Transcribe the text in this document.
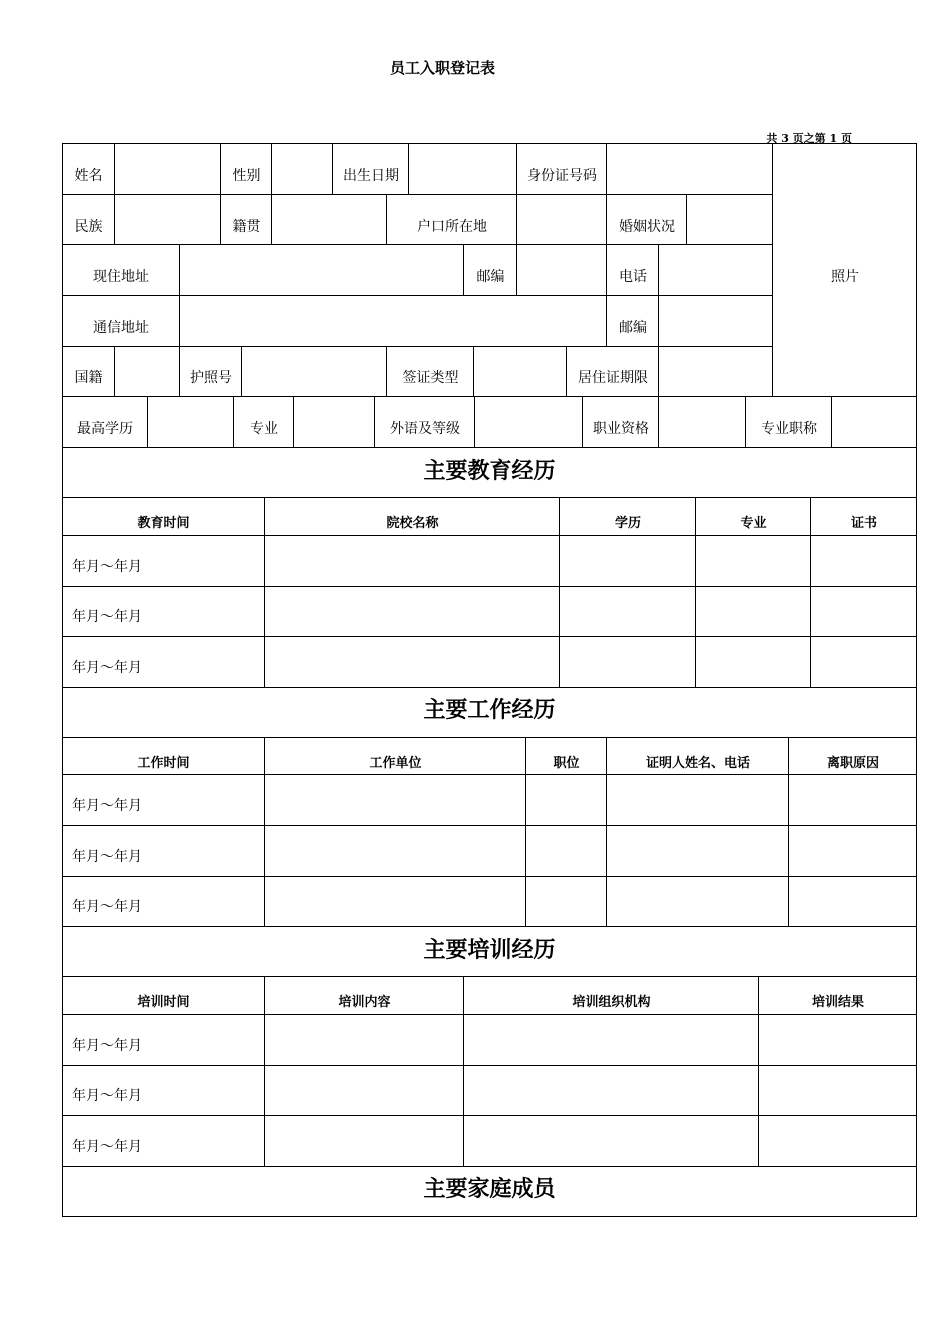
员工入职登记表
共 3 页之第 1 页
姓名	性别	出生日期	身份证号码
照片
民族	籍贯	户口所在地	婚姻状况
现住地址	邮编	电话
通信地址	邮编
国籍	护照号	签证类型	居住证期限
最高学历	专业	外语及等级	职业资格	专业职称
主要教育经历
教育时间	院校名称	学历	专业	证书
年月～年月
年月～年月
年月～年月
主要工作经历
工作时间	工作单位	职位	证明人姓名、电话	离职原因
年月～年月
年月～年月
年月～年月
主要培训经历
培训时间	培训内容	培训组织机构	培训结果
年月～年月
年月～年月
年月～年月
主要家庭成员
